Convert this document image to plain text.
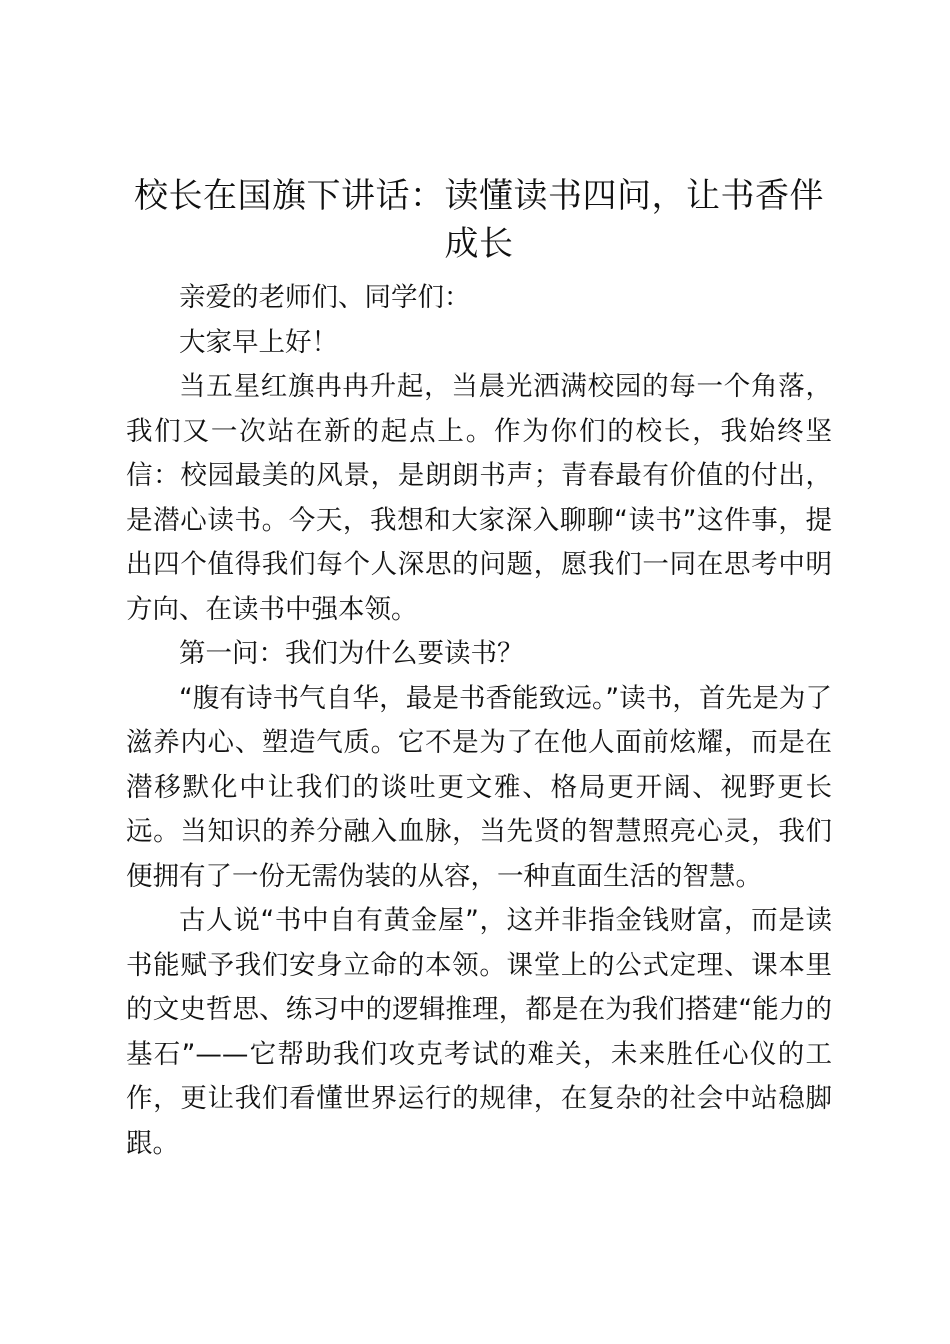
校长在国旗下讲话：读懂读书四问，让书香伴成长

亲爱的老师们、同学们：

大家早上好！

当五星红旗冉冉升起，当晨光洒满校园的每一个角落，我们又一次站在新的起点上。作为你们的校长，我始终坚信：校园最美的风景，是朗朗书声；青春最有价值的付出，是潜心读书。今天，我想和大家深入聊聊“读书”这件事，提出四个值得我们每个人深思的问题，愿我们一同在思考中明方向、在读书中强本领。

第一问：我们为什么要读书？

“腹有诗书气自华，最是书香能致远。”读书，首先是为了滋养内心、塑造气质。它不是为了在他人面前炫耀，而是在潜移默化中让我们的谈吐更文雅、格局更开阔、视野更长远。当知识的养分融入血脉，当先贤的智慧照亮心灵，我们便拥有了一份无需伪装的从容，一种直面生活的智慧。

古人说“书中自有黄金屋”，这并非指金钱财富，而是读书能赋予我们安身立命的本领。课堂上的公式定理、课本里的文史哲思、练习中的逻辑推理，都是在为我们搭建“能力的基石”——它帮助我们攻克考试的难关，未来胜任心仪的工作，更让我们看懂世界运行的规律，在复杂的社会中站稳脚跟。
